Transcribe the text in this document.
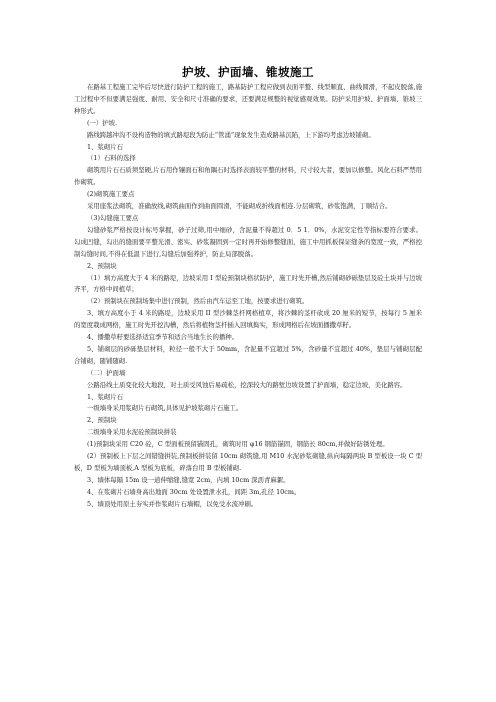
护坡、护面墙、锥坡施工

在路基工程施工完毕后尽快进行防护工程的施工，路基防护工程应做到表面平整、线型顺直、曲线圆滑，不起皮脱落,施工过程中不但要满足强度、耐用、安全和尺寸准确的要求，还要满足规整的视觉感观效果。防护采用护坡、护面墙、锥坡三种形式。

(一）护坡.

路线跨越冲沟不设构造物的填式路堤段为防止“管涌”现象发生造成路基沉陷，上下游均考虑边坡铺砌。

1、浆砌片石

（1）石料的选择

砌筑用片石石质须坚硬,片石用作镶面石和角隅石时选择表面较平整的材料，尺寸较大者，要加以修整。风化石料严禁用作砌筑。

(2)砌筑施工要点

采用座浆法砌筑，准确放线,砌筑曲面作到曲面圆滑，不能砌成折线面相连.分层砌筑，砂浆饱满，丁顺结合。

（3)勾缝施工要点

勾缝砂浆严格按设计标号掌握，砂子过筛,用中细砂，含泥量不得超过 0．5 1．0%，水泥安定性等指标要符合要求。勾成凹缝，勾出的缝面要平整光滑、密实、砂浆凝固到一定时再开始修整缝面，施工中用抓板保证缝条的宽度一致，严格控制勾缝时间,不得在低温下进行,勾缝后加强养护，防止局部脱落。

2、预制块

（1）填方高度大于 4 米的路堤，边坡采用 I 型砼预制块格状防护，施工时先开槽,然后铺砌砂砾垫层及砼土块并与边坡齐平，方格中间植草；

（2）预制块在预制场集中进行预制，然后由汽车运至工地，按要求进行砌筑。

3、填方高度小于 4 米的路堤，边坡采用 II 型沙棘茎杆网格植草，将沙棘的茎杆砍成 20 厘米的短节，按每行 5 厘米的宽度栽成网格，施工时先开挖沟槽，然后将植物茎杆插入回填捣实，形成网格后在坡面播撒草籽。

4、播撒草籽要选择适宜季节和适合当地生长的播种。

5、铺砌层的砂砾垫层材料，粒径一般不大于 50mm，含泥量不宜超过 5%，含砂量不宜超过 40%，垫层与铺砌层配合铺砌，随铺随砌.

（二）护面墙

公路沿线土质变化较大地段，对土质受风蚀后易疏松，挖深较大的路堑边坡设置了护面墙，稳定边坡，美化路容。

1、浆砌片石

一级墙身采用浆砌片石砌筑,具体见护坡浆砌片石施工。

2、预制块

二级墙身采用水泥砼预制块拼装

(1)预制块采用 C20 砼，C 型面板预留锚固孔，砌筑时用 φ16 钢筋锚固，钢筋长 80cm,并做好防锈处理。

(2）预制板上下层之间错缝拼装,预制板拼装留 10cm 砌筑缝,用 M10 水泥砂浆砌缝,纵向每隔两块 B 型板设一块 C 型板，D 型板为墙顶板,A 型板为底板，碎落台用 B 型板铺砌.

3、墙体每隔 15m 设一道伸缩缝,缝宽 2cm，内填 10cm 深沥青麻絮。

4、在浆砌片石墙身高出地面 30cm 处设置泄水孔，间距 3m,孔径 10cm。

5、墙顶处用原土夯实并作浆砌片石墙帽，以免受水流冲刷。
